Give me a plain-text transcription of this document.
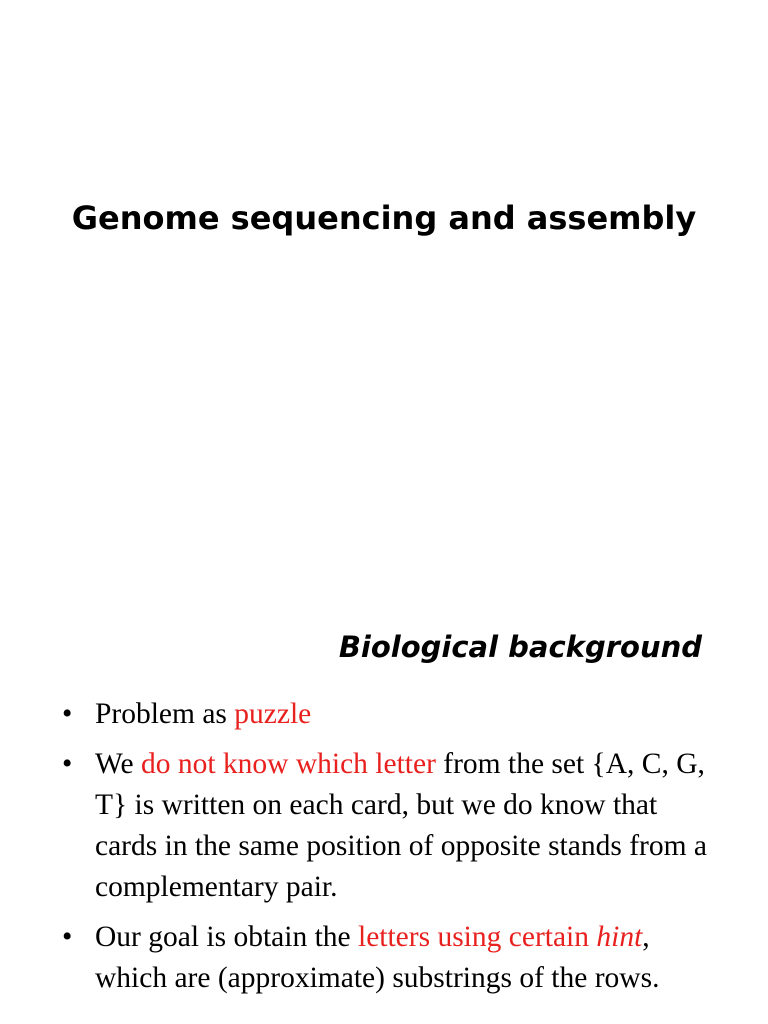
Genome sequencing and assembly
Biological background
• Problem as puzzle
• We do not know which letter from the set {A, C, G, T} is written on each card, but we do know that cards in the same position of opposite stands from a complementary pair.
• Our goal is obtain the letters using certain hint, which are (approximate) substrings of the rows.
